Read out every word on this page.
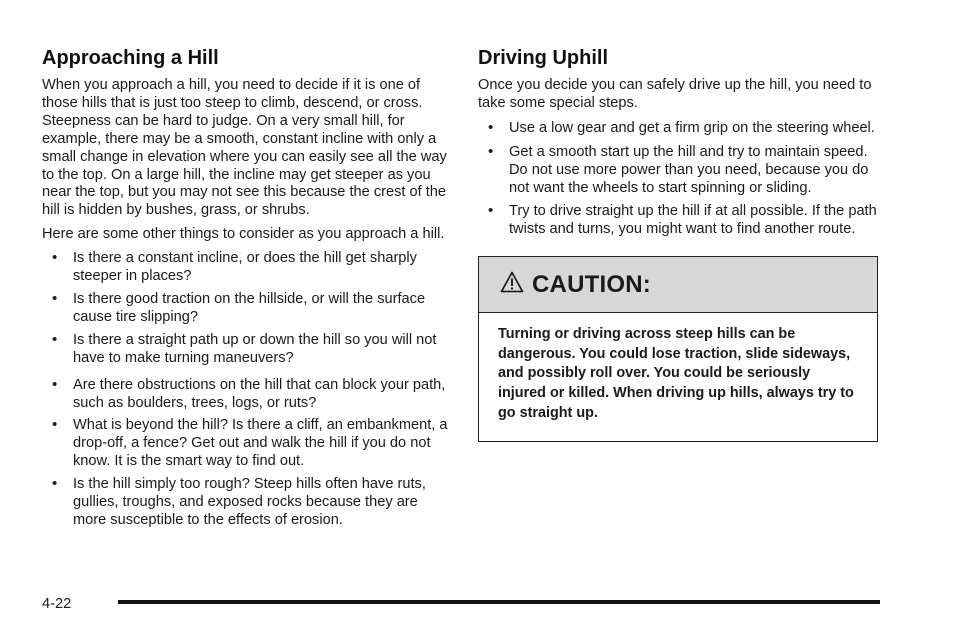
Approaching a Hill

When you approach a hill, you need to decide if it is one of those hills that is just too steep to climb, descend, or cross. Steepness can be hard to judge. On a very small hill, for example, there may be a smooth, constant incline with only a small change in elevation where you can easily see all the way to the top. On a large hill, the incline may get steeper as you near the top, but you may not see this because the crest of the hill is hidden by bushes, grass, or shrubs.

Here are some other things to consider as you approach a hill.

• Is there a constant incline, or does the hill get sharply steeper in places?
• Is there good traction on the hillside, or will the surface cause tire slipping?
• Is there a straight path up or down the hill so you will not have to make turning maneuvers?
• Are there obstructions on the hill that can block your path, such as boulders, trees, logs, or ruts?
• What is beyond the hill? Is there a cliff, an embankment, a drop-off, a fence? Get out and walk the hill if you do not know. It is the smart way to find out.
• Is the hill simply too rough? Steep hills often have ruts, gullies, troughs, and exposed rocks because they are more susceptible to the effects of erosion.
Driving Uphill

Once you decide you can safely drive up the hill, you need to take some special steps.

• Use a low gear and get a firm grip on the steering wheel.
• Get a smooth start up the hill and try to maintain speed. Do not use more power than you need, because you do not want the wheels to start spinning or sliding.
• Try to drive straight up the hill if at all possible. If the path twists and turns, you might want to find another route.
CAUTION:
Turning or driving across steep hills can be dangerous. You could lose traction, slide sideways, and possibly roll over. You could be seriously injured or killed. When driving up hills, always try to go straight up.
4-22
